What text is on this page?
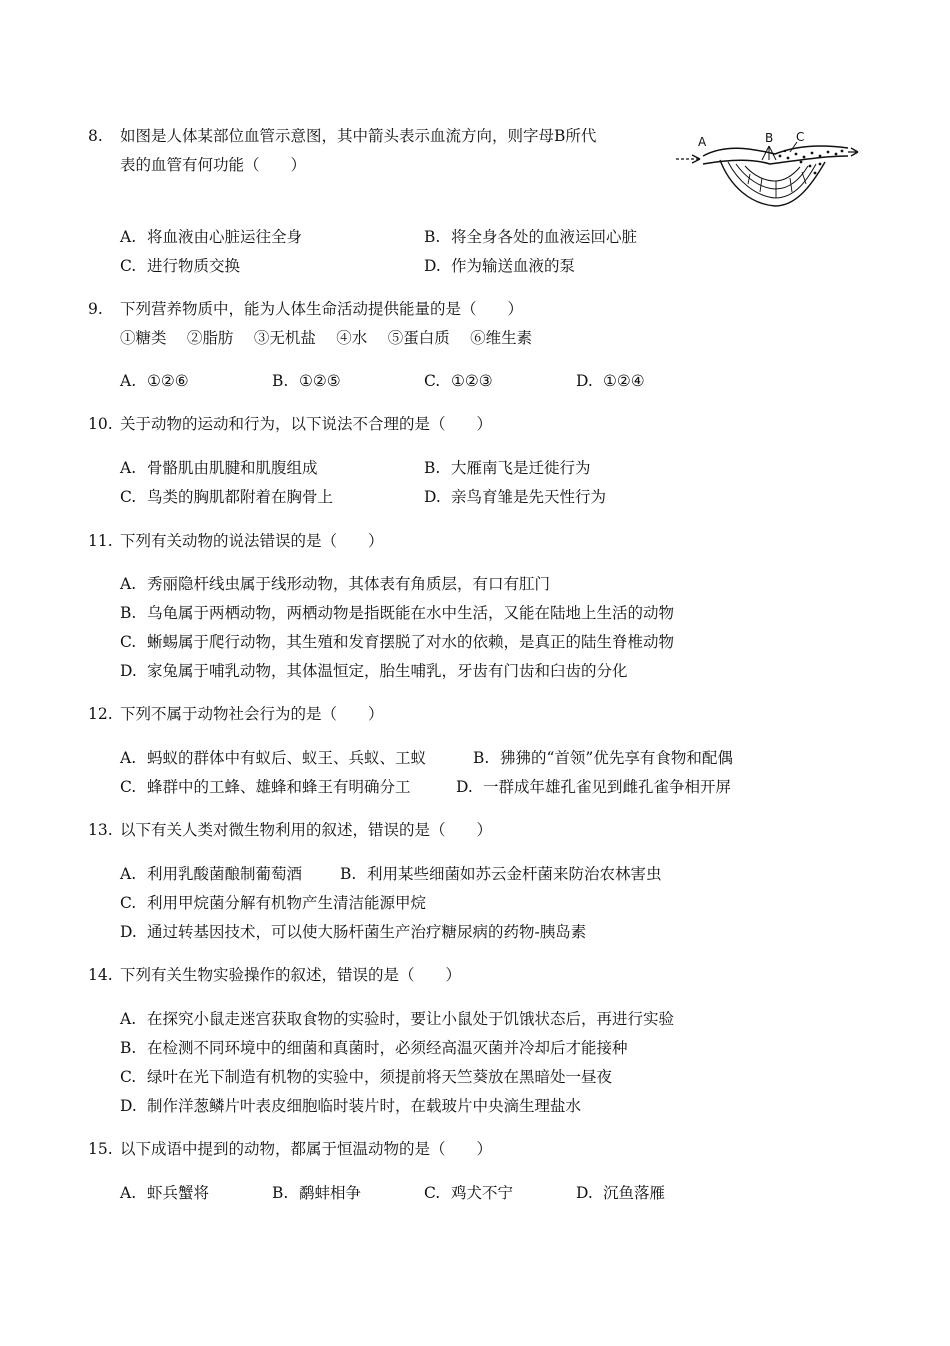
8. 如图是人体某部位血管示意图，其中箭头表示血流方向，则字母B所代
表的血管有何功能（　　）
A	B C
A. 将血液由心脏运往全身	B. 将全身各处的血液运回心脏
C. 进行物质交换	D. 作为输送血液的泵
9. 下列营养物质中，能为人体生命活动提供能量的是（　　）
①糖类　 ②脂肪　 ③无机盐　 ④水　 ⑤蛋白质　 ⑥维生素
A. ①②⑥	B. ①②⑤	C. ①②③	D. ①②④
10. 关于动物的运动和行为，以下说法不合理的是（　　）
A. 骨骼肌由肌腱和肌腹组成	B. 大雁南飞是迁徙行为
C. 鸟类的胸肌都附着在胸骨上	D. 亲鸟育雏是先天性行为
11. 下列有关动物的说法错误的是（　　）
A. 秀丽隐杆线虫属于线形动物，其体表有角质层，有口有肛门
B. 乌龟属于两栖动物，两栖动物是指既能在水中生活，又能在陆地上生活的动物
C. 蜥蜴属于爬行动物，其生殖和发育摆脱了对水的依赖，是真正的陆生脊椎动物
D. 家兔属于哺乳动物，其体温恒定，胎生哺乳，牙齿有门齿和臼齿的分化
12. 下列不属于动物社会行为的是（　　）
A. 蚂蚁的群体中有蚁后、蚁王、兵蚁、工蚁	B. 狒狒的“首领”优先享有食物和配偶
C. 蜂群中的工蜂、雄蜂和蜂王有明确分工	D. 一群成年雄孔雀见到雌孔雀争相开屏
13. 以下有关人类对微生物利用的叙述，错误的是（　　）
A. 利用乳酸菌酿制葡萄酒 B. 利用某些细菌如苏云金杆菌来防治农林害虫
C. 利用甲烷菌分解有机物产生清洁能源甲烷
D. 通过转基因技术，可以使大肠杆菌生产治疗糖尿病的药物-胰岛素
14. 下列有关生物实验操作的叙述，错误的是（　　）
A. 在探究小鼠走迷宫获取食物的实验时，要让小鼠处于饥饿状态后，再进行实验
B. 在检测不同环境中的细菌和真菌时，必须经高温灭菌并冷却后才能接种
C. 绿叶在光下制造有机物的实验中，须提前将天竺葵放在黑暗处一昼夜
D. 制作洋葱鳞片叶表皮细胞临时装片时，在载玻片中央滴生理盐水
15. 以下成语中提到的动物，都属于恒温动物的是（　　）
A. 虾兵蟹将	B. 鹬蚌相争	C. 鸡犬不宁	D. 沉鱼落雁
